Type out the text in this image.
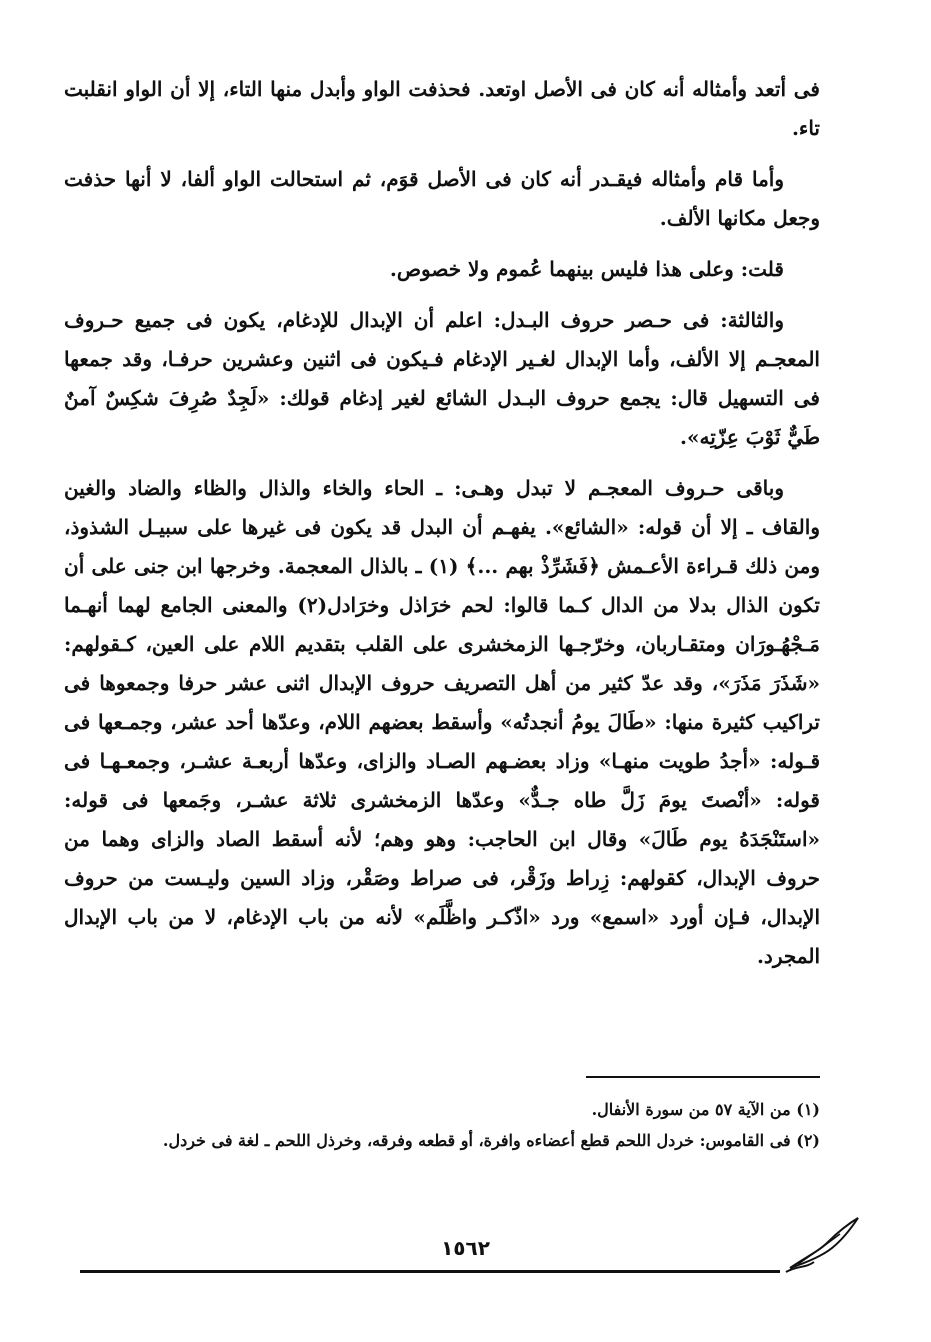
فى أتعد وأمثاله أنه كان فى الأصل اوتعد. فحذفت الواو وأبدل منها التاء، إلا أن الواو انقلبت تاء.

وأما قام وأمثاله فيقـدر أنه كان فى الأصل قوَم، ثم استحالت الواو ألفا، لا أنها حذفت وجعل مكانها الألف.

قلت: وعلى هذا فليس بينهما عُموم ولا خصوص.

والثالثة: فى حـصر حروف البـدل: اعلم أن الإبدال للإدغام، يكون فى جميع حـروف المعجـم إلا الألف، وأما الإبدال لغـير الإدغام فـيكون فى اثنين وعشرين حرفـا، وقد جمعها فى التسهيل قال: يجمع حروف البـدل الشائع لغير إدغام قولك: «لَجِدٌ صُرِفَ شكِسٌ آمنٌ طَيٌّ ثَوْبَ عِزّتِه».

وباقى حـروف المعجـم لا تبدل وهـى: ـ الحاء والخاء والذال والظاء والضاد والغين والقاف ـ إلا أن قوله: «الشائع». يفهـم أن البدل قد يكون فى غيرها على سبيـل الشذوذ، ومن ذلك قـراءة الأعـمش ﴿فَشَرِّذْ بهم ...﴾ (١) ـ بالذال المعجمة. وخرجها ابن جنى على أن تكون الذال بدلا من الدال كـما قالوا: لحم خرَاذل وخرَادل(٢) والمعنى الجامع لهما أنهـما مَـجْهُـورَان ومتقـاربان، وخرّجـها الزمخشرى على القلب بتقديم اللام على العين، كـقولهم: «شَذَرَ مَذَرَ»، وقد عدّ كثير من أهل التصريف حروف الإبدال اثنى عشر حرفا وجمعوها فى تراكيب كثيرة منها: «طَالَ يومُ أنجدتُه» وأسقط بعضهم اللام، وعدّها أحد عشر، وجمـعها فى قـوله: «أجدُ طويت منهـا» وزاد بعضـهم الصـاد والزاى، وعدّها أربعـة عشـر، وجمعـهـا فى قوله: «أنْصتَ يومَ زَلَّ طاه جـدٌّ» وعدّها الزمخشرى ثلاثة عشـر، وجَمعها فى قوله: «استَنْجَدَهُ يوم طَالَ» وقال ابن الحاجب: وهو وهم؛ لأنه أسقط الصاد والزاى وهما من حروف الإبدال، كقولهم: زِراط وزَقْر، فى صراط وصَقْر، وزاد السين وليـست من حروف الإبدال، فـإن أورد «اسمع» ورد «اذّكـر واظَّلَم» لأنه من باب الإدغام، لا من باب الإبدال المجرد.

(١) من الآية ٥٧ من سورة الأنفال.

(٢) فى القاموس: خردل اللحم قطع أعضاءه وافرة، أو قطعه وفرقه، وخرذل اللحم ـ لغة فى خردل.

١٥٦٢
